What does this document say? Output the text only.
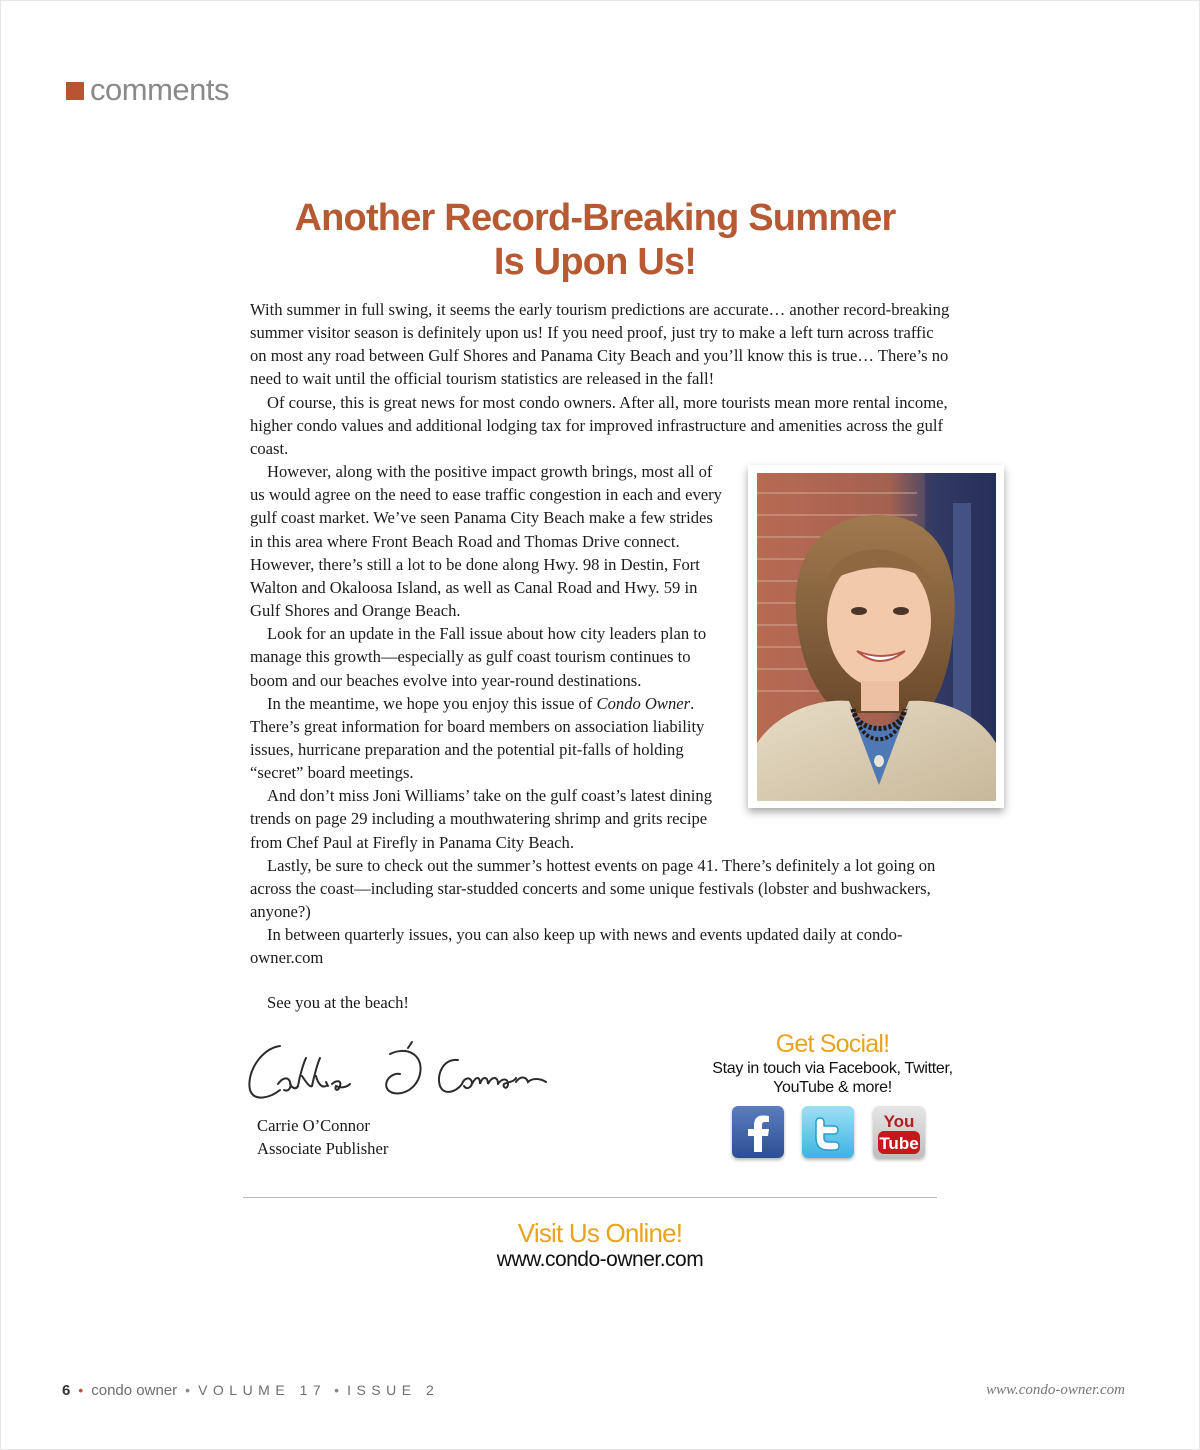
comments
Another Record-Breaking Summer
Is Upon Us!

With summer in full swing, it seems the early tourism predictions are accurate… another record-breaking summer visitor season is definitely upon us! If you need proof, just try to make a left turn across traffic on most any road between Gulf Shores and Panama City Beach and you’ll know this is true… There’s no need to wait until the official tourism statistics are released in the fall!

Of course, this is great news for most condo owners. After all, more tourists mean more rental income, higher condo values and additional lodging tax for improved infrastructure and amenities across the gulf coast.

However, along with the positive impact growth brings, most all of us would agree on the need to ease traffic congestion in each and every gulf coast market. We’ve seen Panama City Beach make a few strides in this area where Front Beach Road and Thomas Drive connect. However, there’s still a lot to be done along Hwy. 98 in Destin, Fort Walton and Okaloosa Island, as well as Canal Road and Hwy. 59 in Gulf Shores and Orange Beach.

Look for an update in the Fall issue about how city leaders plan to manage this growth—especially as gulf coast tourism continues to boom and our beaches evolve into year-round destinations.

In the meantime, we hope you enjoy this issue of Condo Owner. There’s great information for board members on association liability issues, hurricane preparation and the potential pit-falls of holding “secret” board meetings.

And don’t miss Joni Williams’ take on the gulf coast’s latest dining trends on page 29 including a mouthwatering shrimp and grits recipe from Chef Paul at Firefly in Panama City Beach.

Lastly, be sure to check out the summer’s hottest events on page 41. There’s definitely a lot going on across the coast—including star-studded concerts and some unique festivals (lobster and bushwackers, anyone?)

In between quarterly issues, you can also keep up with news and events updated daily at condo-owner.com

See you at the beach!
Carrie O’Connor
Associate Publisher
Get Social!
Stay in touch via Facebook, Twitter,
YouTube & more!
You
Tube
Visit Us Online!
www.condo-owner.com
6 • condo owner • VOLUME 17 • ISSUE 2	www.condo-owner.com
